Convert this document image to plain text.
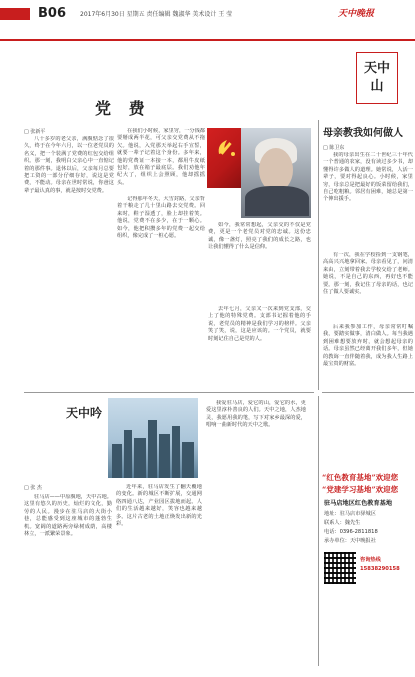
B06 2017年6月30日 星期五 责任编辑 魏淑华 美术设计 王 莹	天中晚报
天中
山
党 费
□ 张新平
八十多岁的老父亲，满腹惦念了很久，终于在今年六月，以一位老党员的名义，把一个装满了党费的红包交给组织。那一刻，我明白父亲心中一直惦记着的那件事。退休以后，父亲每月总要把工资的一部分仔细存好，说这是党费，不能动。母亲在世时常说，你爸这辈子最认真的事，就是按时交党费。
在我们小时候，家里穷，一分钱都要掰成两半花，可父亲交党费从不拖欠。他说，入党那天举起右手宣誓，就要一辈子记着这个身份。多年来，他的党费证一本接一本，都用牛皮纸包好，放在箱子最底层。我们劝他年纪大了，组织上会照顾，他却摇摇头。
记得那年冬天，大雪封路，父亲背着干粮走了几十里山路去交党费。回来时，鞋子湿透了，脸上却挂着笑。他说，党费不在多少，在于一颗心。如今，他把积攒多年的党费一起交给组织，像完成了一桩心愿。
如今，我常常想起，父亲交的不仅是党费，更是一个老党员对党的忠诚。这份忠诚，像一盏灯，照亮了我们的成长之路，也让我们懂得了什么是信仰。
去年七月，父亲又一次来到党支部，交上了他的特殊党费。支部书记握着他的手说，老党员的精神是我们学习的榜样。父亲笑了笑，说，这是应该的。一个党员，就要时刻记住自己是党的人。
母亲教我如何做人
□ 陈卫东
我的母亲出生在二十世纪三十年代一个普通的农家，没有读过多少书，却懂得许多做人的道理。她常说，人活一辈子，要对得起良心。小时候，家里穷，母亲总是把最好的饭菜留给我们，自己吃粗粮。邻居有困难，她总是第一个伸出援手。
有一次，我在学校捡到一支钢笔，高高兴兴地拿回家。母亲看见了，问清来由，立刻带着我去学校交给了老师。她说，不是自己的东西，再好也不能要。那一刻，我记住了母亲的话，也记住了做人要诚实。
后来我参加工作，母亲常常叮嘱我，要踏实做事，清白做人。每当我遇到困难想要放弃时，就会想起母亲的话。母亲虽然已经离开我们多年，但她的教诲一直伴随着我，成为我人生路上最宝贵的财富。
天中吟
□ 张 杰
驻马店——中原腹地，天中古地。这里有悠久的历史，灿烂的文化，勤劳的人民。漫步在驻马店的大街小巷，总能感受到这座城市的蓬勃生机。宽阔的道路两旁绿树成荫，高楼林立，一派繁荣景象。
近年来，驻马店发生了翻天覆地的变化。新的城区不断扩展，交通网络四通八达，产业园区拔地而起。人们的生活越来越好，笑容也越来越多。这片古老的土地正焕发出新的光彩。
我爱驻马店，爱它的山，爱它的水，更爱这里淳朴善良的人们。天中之地，人杰地灵，我愿用我的笔，写下对家乡最深的爱，唱响一曲新时代的天中之歌。
“红色教育基地”欢迎您
“党建学习基地”欢迎您
驻马店地区红色教育基地
地址：驻马店市驿城区
联系人：魏先生
电话：0396-2811818
承办单位：天中晚报社
咨询热线
15838290158
